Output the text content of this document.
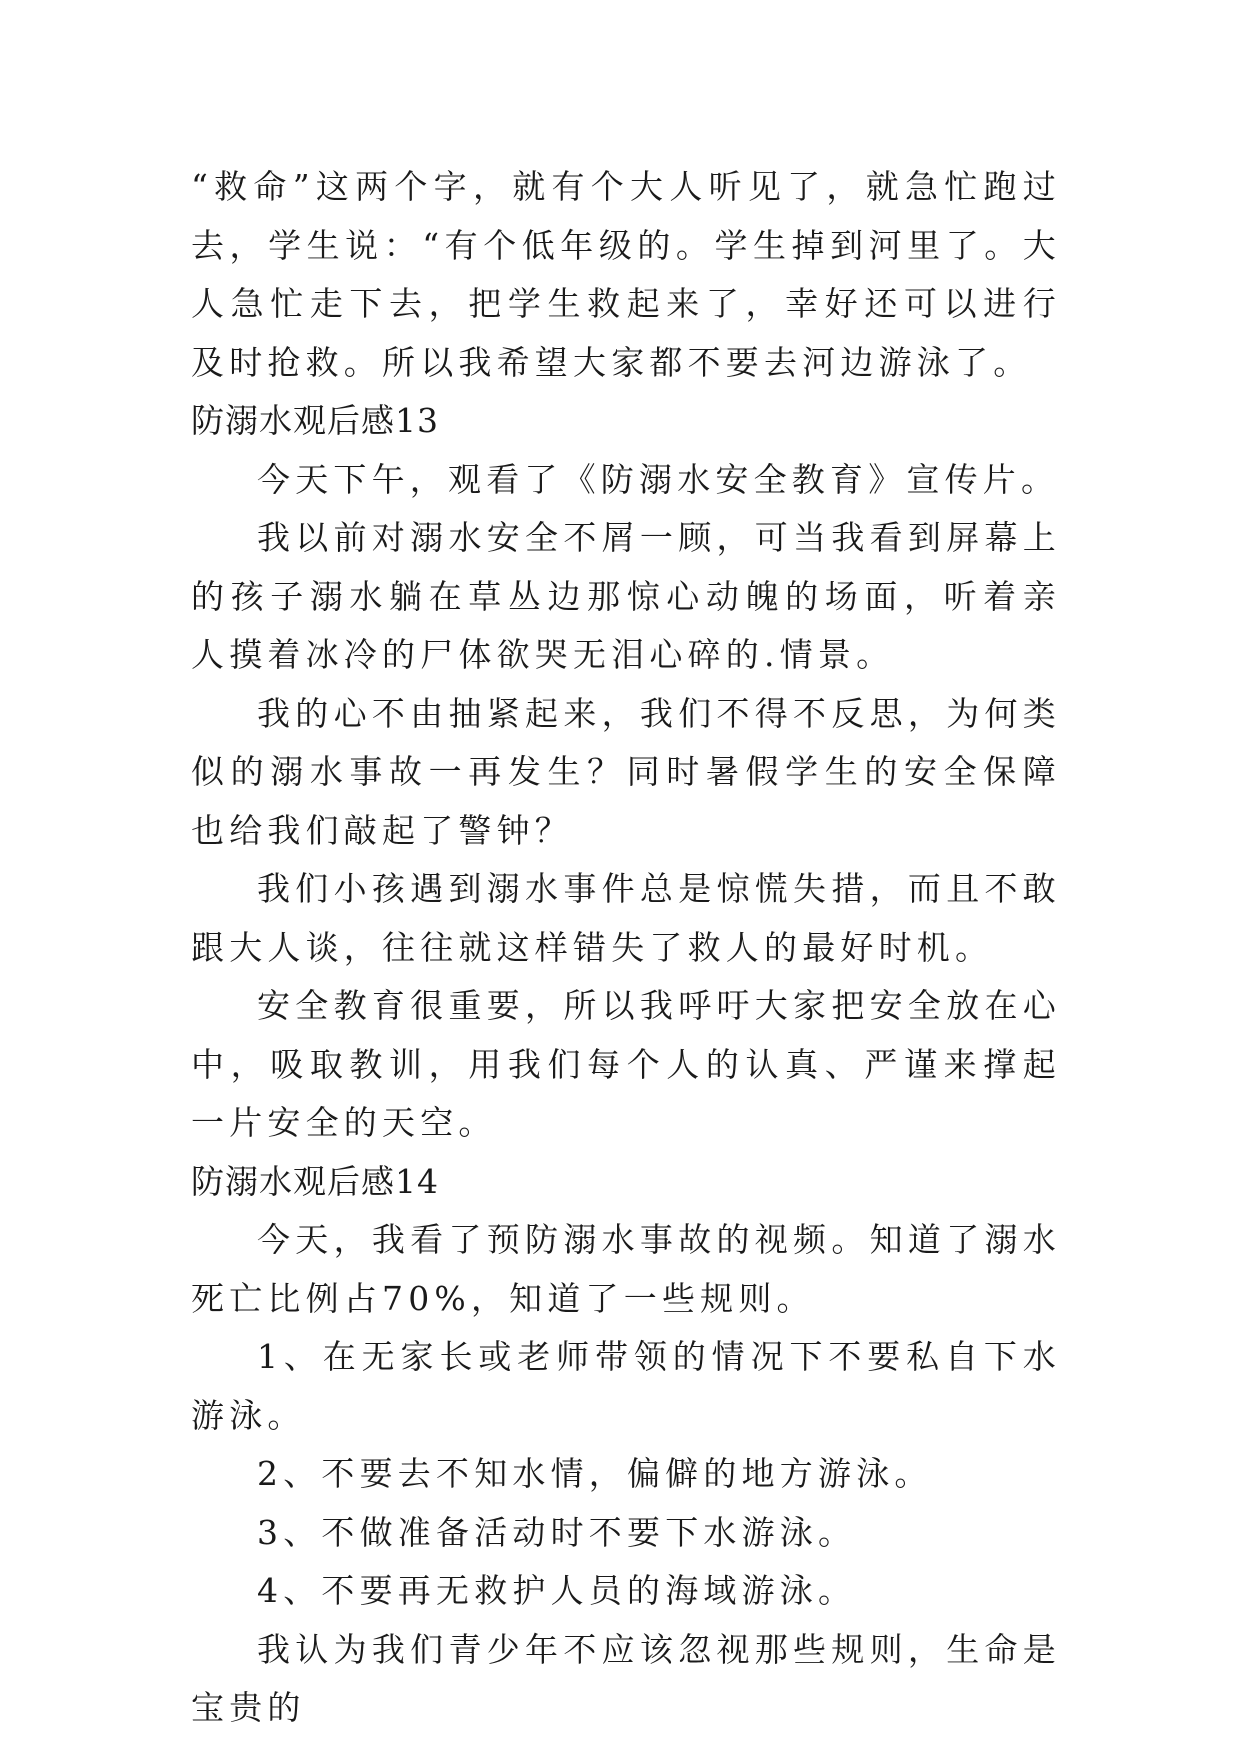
“救命”这两个字，就有个大人听见了，就急忙跑过去，学生说：“有个低年级的。学生掉到河里了。大人急忙走下去，把学生救起来了，幸好还可以进行及时抢救。所以我希望大家都不要去河边游泳了。

防溺水观后感13

今天下午，观看了《防溺水安全教育》宣传片。

我以前对溺水安全不屑一顾，可当我看到屏幕上的孩子溺水躺在草丛边那惊心动魄的场面，听着亲人摸着冰冷的尸体欲哭无泪心碎的.情景。

我的心不由抽紧起来，我们不得不反思，为何类似的溺水事故一再发生？同时暑假学生的安全保障也给我们敲起了警钟？

我们小孩遇到溺水事件总是惊慌失措，而且不敢跟大人谈，往往就这样错失了救人的最好时机。

安全教育很重要，所以我呼吁大家把安全放在心中，吸取教训，用我们每个人的认真、严谨来撑起一片安全的天空。

防溺水观后感14

今天，我看了预防溺水事故的视频。知道了溺水死亡比例占70%，知道了一些规则。

1、在无家长或老师带领的情况下不要私自下水游泳。

2、不要去不知水情，偏僻的地方游泳。

3、不做准备活动时不要下水游泳。

4、不要再无救护人员的海域游泳。

我认为我们青少年不应该忽视那些规则，生命是宝贵的
